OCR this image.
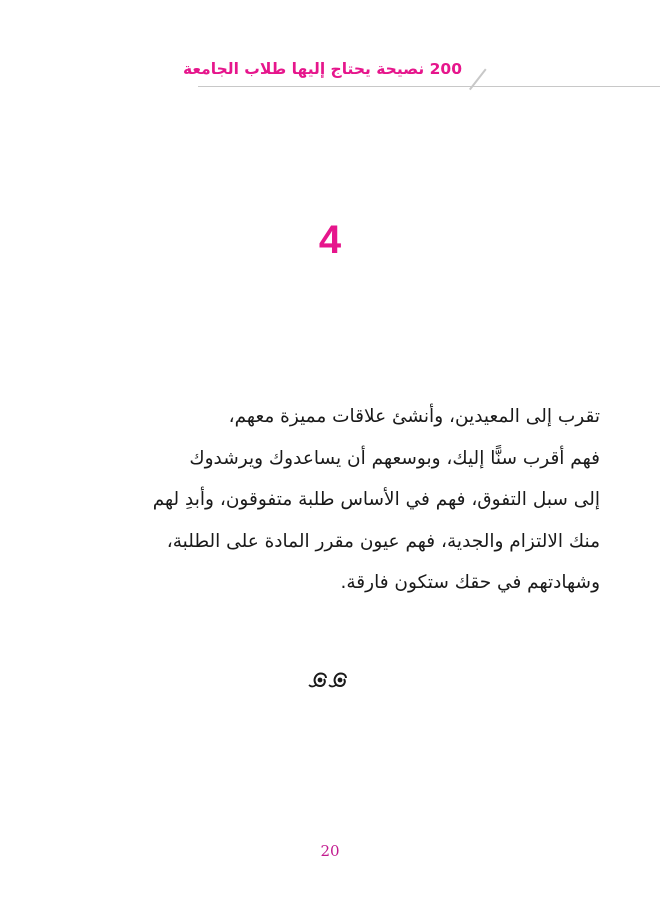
200 نصيحة يحتاج إليها طلاب الجامعة
4
تقرب إلى المعيدين، وأنشئ علاقات مميزة معهم،
فهم أقرب سنًّا إليك، وبوسعهم أن يساعدوك ويرشدوك
إلى سبل التفوق، فهم في الأساس طلبة متفوقون، وأبدِ لهم
منك الالتزام والجدية، فهم عيون مقرر المادة على الطلبة،
وشهادتهم في حقك ستكون فارقة.
20
